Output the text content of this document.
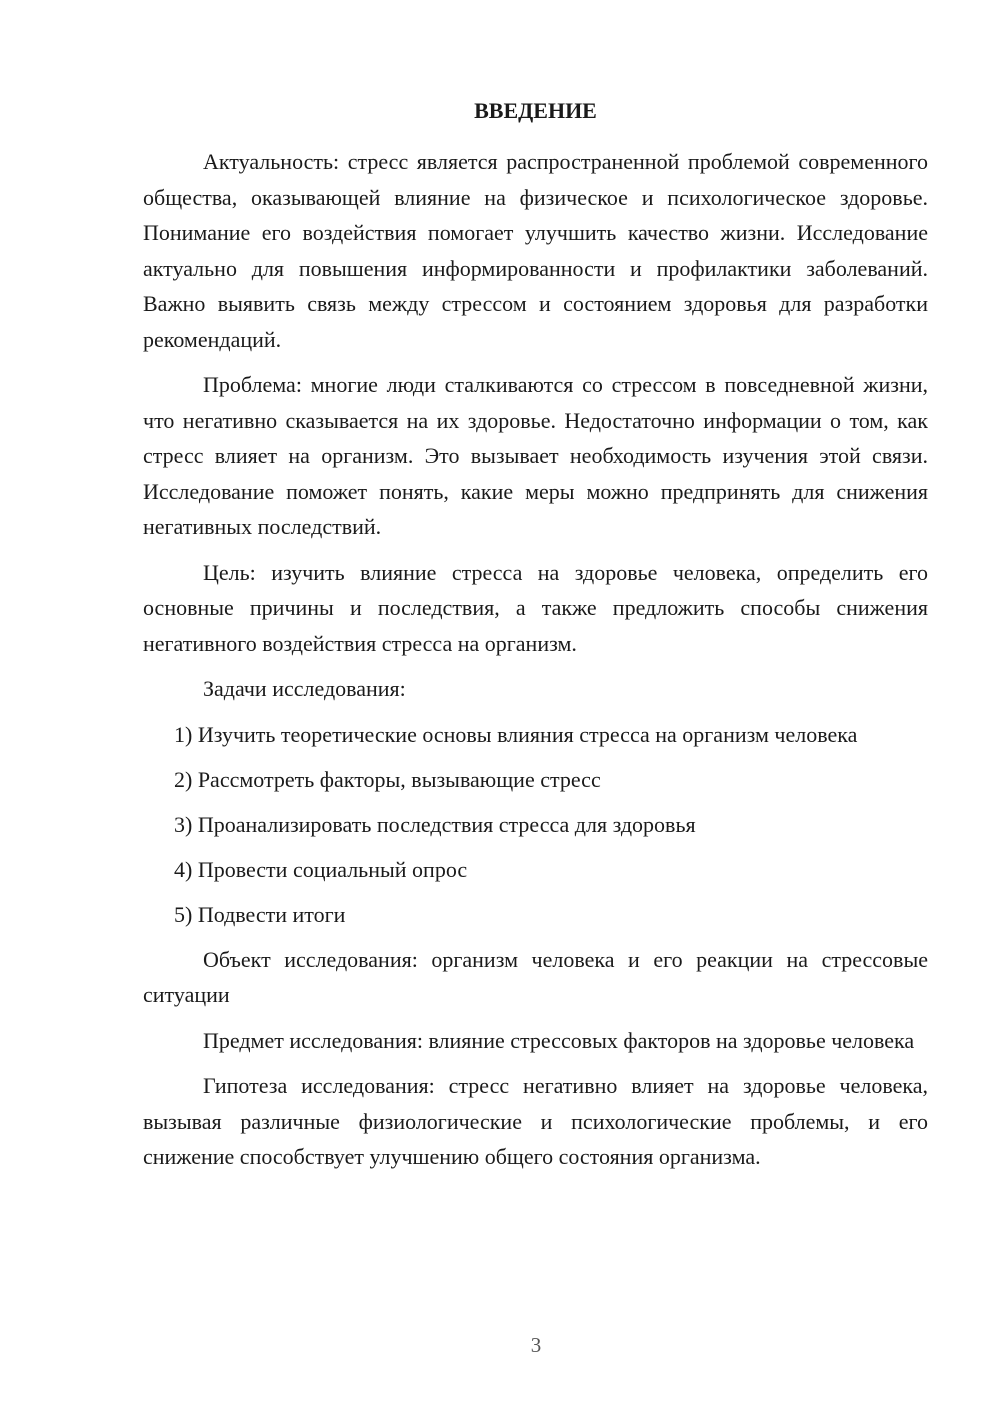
ВВЕДЕНИЕ

Актуальность: стресс является распространенной проблемой современного общества, оказывающей влияние на физическое и психологическое здоровье. Понимание его воздействия помогает улучшить качество жизни. Исследование актуально для повышения информированности и профилактики заболеваний. Важно выявить связь между стрессом и состоянием здоровья для разработки рекомендаций.

Проблема: многие люди сталкиваются со стрессом в повседневной жизни, что негативно сказывается на их здоровье. Недостаточно информации о том, как стресс влияет на организм. Это вызывает необходимость изучения этой связи. Исследование поможет понять, какие меры можно предпринять для снижения негативных последствий.

Цель: изучить влияние стресса на здоровье человека, определить его основные причины и последствия, а также предложить способы снижения негативного воздействия стресса на организм.

Задачи исследования:

1) Изучить теоретические основы влияния стресса на организм человека

2) Рассмотреть факторы, вызывающие стресс

3) Проанализировать последствия стресса для здоровья

4) Провести социальный опрос

5) Подвести итоги

Объект исследования: организм человека и его реакции на стрессовые ситуации

Предмет исследования: влияние стрессовых факторов на здоровье человека

Гипотеза исследования: стресс негативно влияет на здоровье человека, вызывая различные физиологические и психологические проблемы, и его снижение способствует улучшению общего состояния организма.

3
